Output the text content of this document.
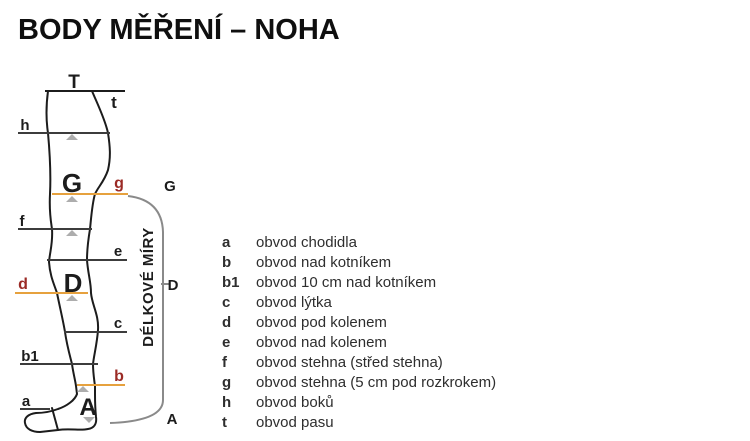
BODY MĚŘENÍ – NOHA
T
t
h
G g	G
f
e
D
d	D
c
b1
b
a A	A
DÉLKOVÉ MÍRY	a	obvod chodidla
b	obvod nad kotníkem
b1	obvod 10 cm nad kotníkem
c	obvod lýtka
d	obvod pod kolenem
e	obvod nad kolenem
f	obvod stehna (střed stehna)
g	obvod stehna (5 cm pod rozkrokem)
h	obvod boků
t	obvod pasu
